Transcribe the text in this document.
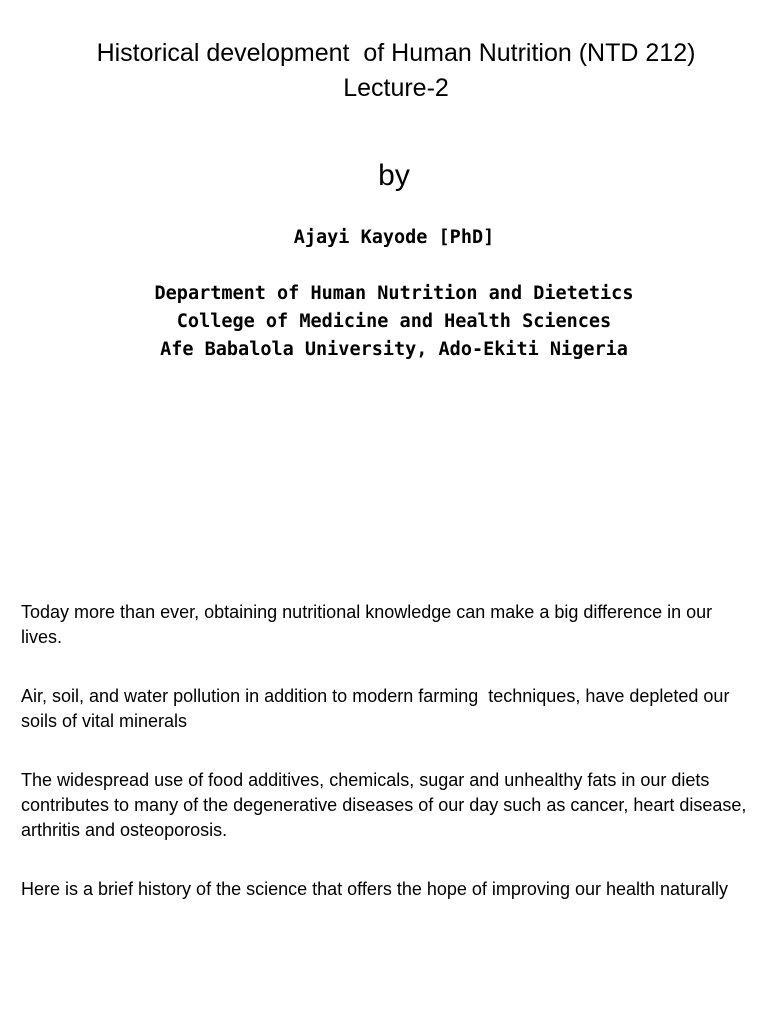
Historical development  of Human Nutrition (NTD 212)
Lecture-2
by
Ajayi Kayode [PhD]
Department of Human Nutrition and Dietetics
College of Medicine and Health Sciences
Afe Babalola University, Ado-Ekiti Nigeria

Today more than ever, obtaining nutritional knowledge can make a big difference in our lives.

Air, soil, and water pollution in addition to modern farming  techniques, have depleted our soils of vital minerals

The widespread use of food additives, chemicals, sugar and unhealthy fats in our diets contributes to many of the degenerative diseases of our day such as cancer, heart disease, arthritis and osteoporosis.

Here is a brief history of the science that offers the hope of improving our health naturally
